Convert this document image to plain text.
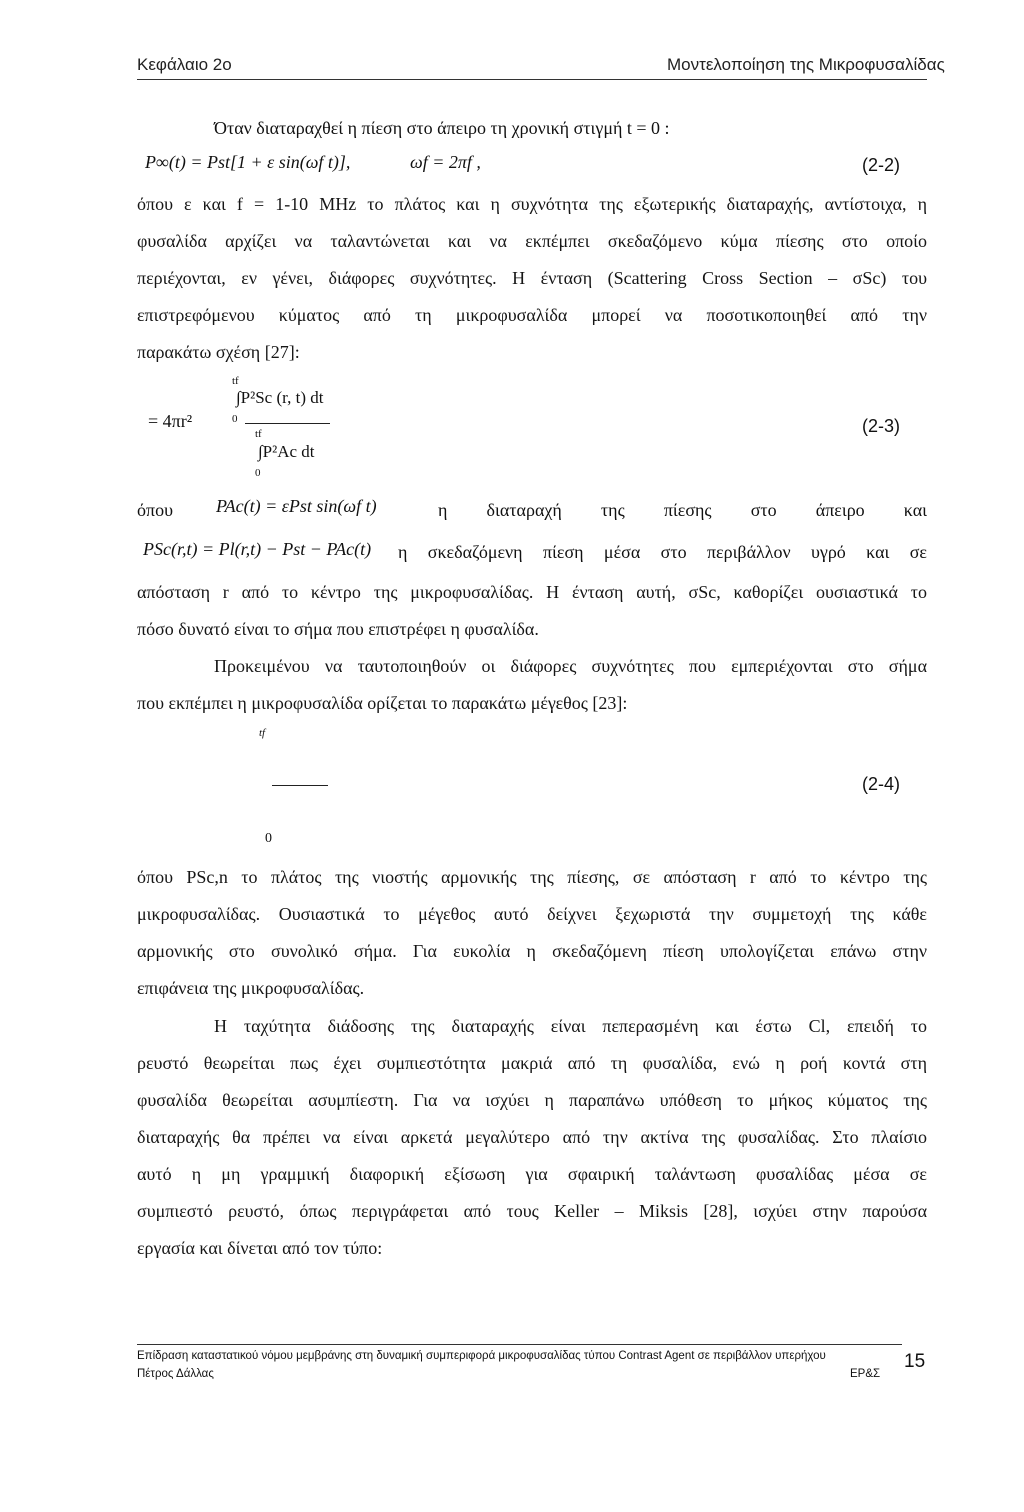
Κεφάλαιο 2ο	Μοντελοποίηση της Μικροφυσαλίδας
Όταν διαταραχθεί η πίεση στο άπειρο τη χρονική στιγμή t = 0 :
P∞(t) = Pst[1 + ε sin(ωf t)],	ωf = 2πf ,	(2-2)
όπου ε και f = 1-10 MHz το πλάτος και η συχνότητα της εξωτερικής διαταραχής, αντίστοιχα, η
φυσαλίδα αρχίζει να ταλαντώνεται και να εκπέμπει σκεδαζόμενο κύμα πίεσης στο οποίο
περιέχονται, εν γένει, διάφορες συχνότητες. Η ένταση (Scattering Cross Section – σSc) του
επιστρεφόμενου κύματος από τη μικροφυσαλίδα μπορεί να ποσοτικοποιηθεί από την
παρακάτω σχέση [27]:
= 4πr²
tf
∫P²Sc (r, t) dt
0
tf
∫P²Ac dt
0
(2-3)
όπου PAc(t) = εPst sin(ωf t)	η διαταραχή της πίεσης στο άπειρο και
PSc(r,t) = Pl(r,t) − Pst − PAc(t) η σκεδαζόμενη πίεση μέσα στο περιβάλλον υγρό και σε
απόσταση r από το κέντρο της μικροφυσαλίδας. Η ένταση αυτή, σSc, καθορίζει ουσιαστικά το
πόσο δυνατό είναι το σήμα που επιστρέφει η φυσαλίδα.
Προκειμένου να ταυτοποιηθούν οι διάφορες συχνότητες που εμπεριέχονται στο σήμα
που εκπέμπει η μικροφυσαλίδα ορίζεται το παρακάτω μέγεθος [23]:
tf
(2-4)
0
όπου PSc,n το πλάτος της νιοστής αρμονικής της πίεσης, σε απόσταση r από το κέντρο της
μικροφυσαλίδας. Ουσιαστικά το μέγεθος αυτό δείχνει ξεχωριστά την συμμετοχή της κάθε
αρμονικής στο συνολικό σήμα. Για ευκολία η σκεδαζόμενη πίεση υπολογίζεται επάνω στην
επιφάνεια της μικροφυσαλίδας.
Η ταχύτητα διάδοσης της διαταραχής είναι πεπερασμένη και έστω Cl, επειδή το
ρευστό θεωρείται πως έχει συμπιεστότητα μακριά από τη φυσαλίδα, ενώ η ροή κοντά στη
φυσαλίδα θεωρείται ασυμπίεστη. Για να ισχύει η παραπάνω υπόθεση το μήκος κύματος της
διαταραχής θα πρέπει να είναι αρκετά μεγαλύτερο από την ακτίνα της φυσαλίδας. Στο πλαίσιο
αυτό η μη γραμμική διαφορική εξίσωση για σφαιρική ταλάντωση φυσαλίδας μέσα σε
συμπιεστό ρευστό, όπως περιγράφεται από τους Keller – Miksis [28], ισχύει στην παρούσα
εργασία και δίνεται από τον τύπο:
Επίδραση καταστατικού νόμου μεμβράνης στη δυναμική συμπεριφορά μικροφυσαλίδας τύπου Contrast Agent σε περιβάλλον υπερήχου
Πέτρος Δάλλας	ΕΡ&Σ
15
